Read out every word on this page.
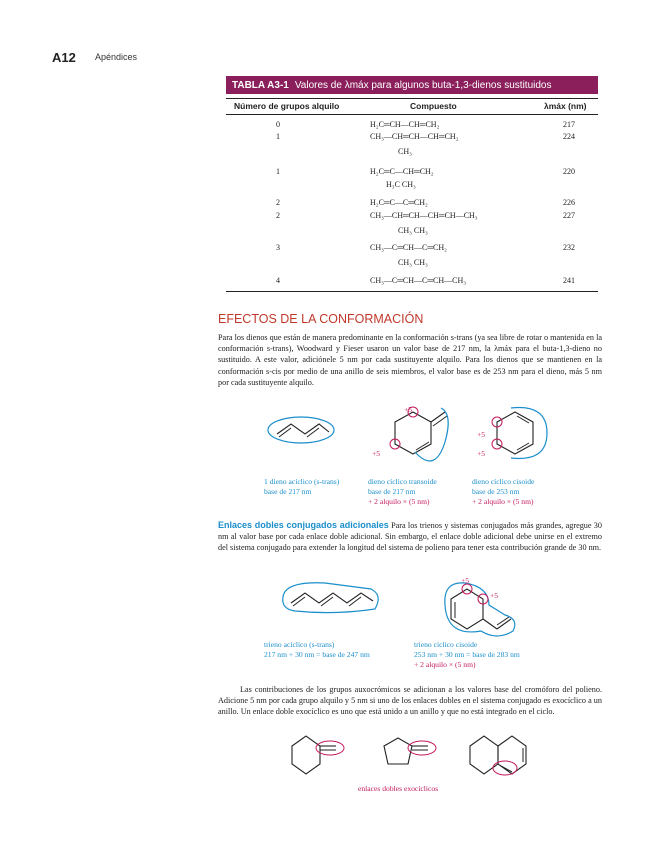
A12 Apéndices
TABLA A3-1 Valores de λmáx para algunos buta-1,3-dienos sustituidos
Número de grupos alquilo	Compuesto	λmáx (nm)
0	H₂C═CH—CH═CH₂	217
1	CH₃—CH═CH—CH═CH₂	224
CH₃
1	H₂C═C—CH═CH₂	220
H₃C CH₃
2	H₂C═C—C═CH₂	226
2	CH₃—CH═CH—CH═CH—CH₃	227
CH₃ CH₃
3	CH₃—C═CH—C═CH₂	232
CH₃ CH₃
4	CH₃—C═CH—C═CH—CH₃	241
EFECTOS DE LA CONFORMACIÓN
Para los dienos que están de manera predominante en la conformación s-trans (ya sea libre de rotar o mantenida en la conformación s-trans), Woodward y Fieser usaron un valor base de 217 nm, la λmáx para el buta-1,3-dieno no sustituido. A este valor, adiciónele 5 nm por cada sustituyente alquilo. Para los dienos que se mantienen en la conformación s-cis por medio de una anillo de seis miembros, el valor base es de 253 nm para el dieno, más 5 nm por cada sustituyente alquilo.
+5
+5
+5
+5
1 dieno acíclico (s-trans)
base de 217 nm
dieno cíclico transoide
base de 217 nm
+ 2 alquilo × (5 nm)
dieno cíclico cisoide
base de 253 nm
+ 2 alquilo × (5 nm)
Enlaces dobles conjugados adicionales Para los trienos y sistemas conjugados más grandes, agregue 30 nm al valor base por cada enlace doble adicional. Sin embargo, el enlace doble adicional debe unirse en el extremo del sistema conjugado para extender la longitud del sistema de polieno para tener esta contribución grande de 30 nm.
+5
+5
trieno acíclico (s-trans)
217 nm + 30 nm = base de 247 nm
trieno cíclico cisoide
253 nm + 30 nm = base de 283 nm
+ 2 alquilo × (5 nm)
Las contribuciones de los grupos auxocrómicos se adicionan a los valores base del cromóforo del polieno. Adicione 5 nm por cada grupo alquilo y 5 nm si uno de los enlaces dobles en el sistema conjugado es exocíclico a un anillo. Un enlace doble exocíclico es uno que está unido a un anillo y que no está integrado en el ciclo.
enlaces dobles exocíclicos
